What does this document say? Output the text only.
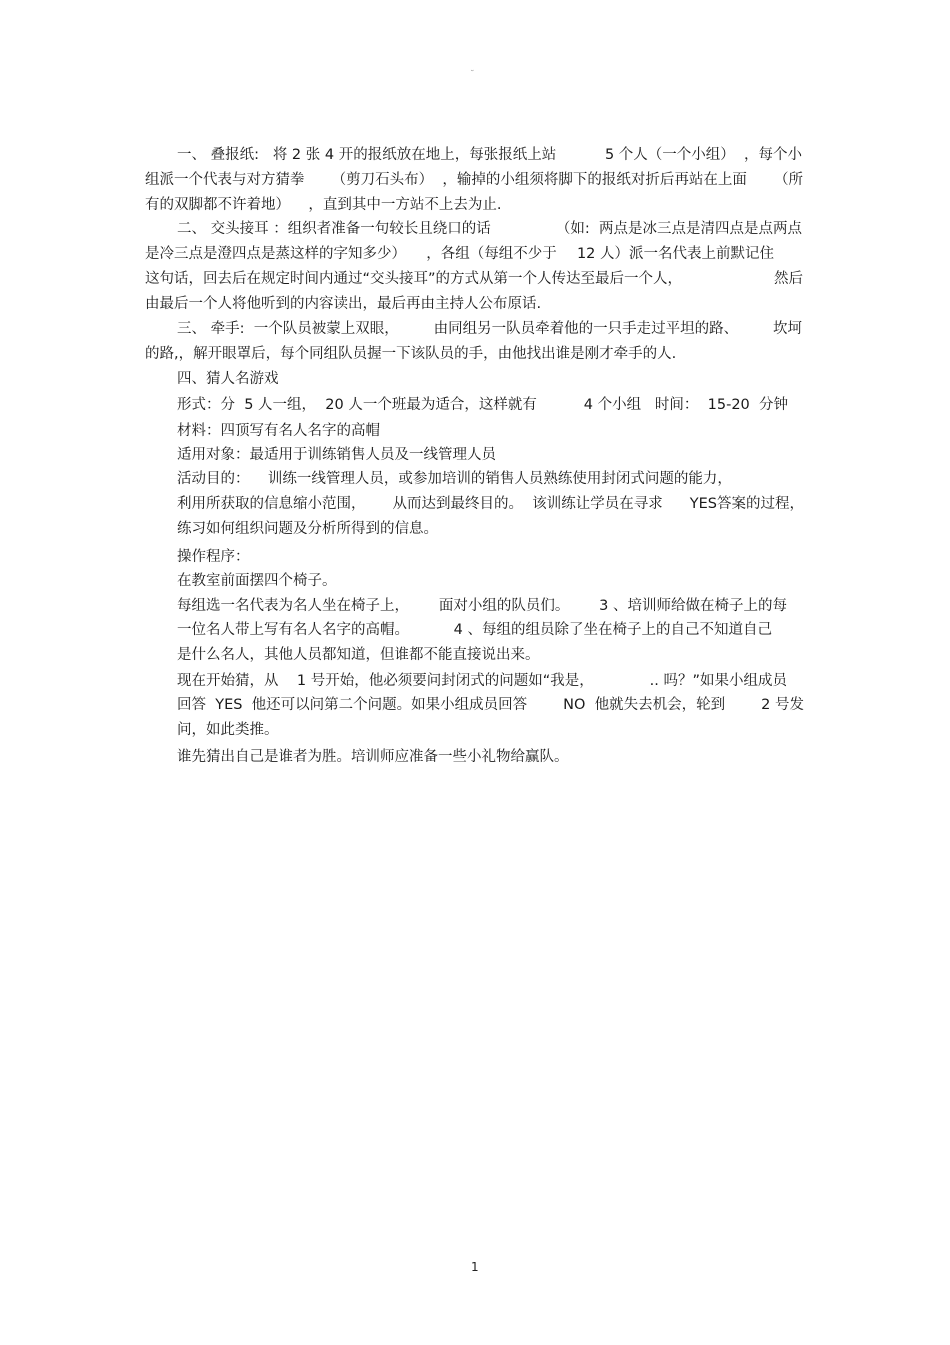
˘
一、 叠报纸:   将 2 张 4 开的报纸放在地上，每张报纸上站	5 个人（一个小组）  ，每个小
组派一个代表与对方猜拳 （剪刀石头布）  ，输掉的小组须将脚下的报纸对折后再站在上面 （所
有的双脚都不许着地）    ，直到其中一方站不上去为止.
二、 交头接耳 ：组织者准备一句较长且绕口的话	（如:  两点是冰三点是清四点是点两点
是冷三点是澄四点是蒸这样的字知多少） ，各组（每组不少于 12 人）派一名代表上前默记住
这句话，回去后在规定时间内通过“交头接耳”的方式从第一个人传达至最后一个人，	然后
由最后一个人将他听到的内容读出，最后再由主持人公布原话.
三、 牵手:  一个队员被蒙上双眼， 由同组另一队员牵着他的一只手走过平坦的路、 坎坷
的路,，解开眼罩后，每个同组队员握一下该队员的手，由他找出谁是刚才牵手的人.
四、猜人名游戏
形式：分  5 人一组，  20 人一个班最为适合，这样就有	4 个小组   时间：  15-20  分钟
材料：四顶写有名人名字的高帽
适用对象：最适用于训练销售人员及一线管理人员
活动目的：    训练一线管理人员，或参加培训的销售人员熟练使用封闭式问题的能力，
利用所获取的信息缩小范围， 从而达到最终目的。  该训练让学员在寻求 YES答案的过程，
练习如何组织问题及分析所得到的信息。
操作程序：
在教室前面摆四个椅子。
每组选一名代表为名人坐在椅子上， 面对小组的队员们。 3 、培训师给做在椅子上的每
一位名人带上写有名人名字的高帽。	4 、每组的组员除了坐在椅子上的自己不知道自己
是什么名人，其他人员都知道，但谁都不能直接说出来。
现在开始猜，从    1 号开始，他必须要问封闭式的问题如“我是，	.. 吗？”如果小组成员
回答  YES  他还可以问第二个问题。如果小组成员回答 NO  他就失去机会，轮到 2 号发
问，如此类推。
谁先猜出自己是谁者为胜。培训师应准备一些小礼物给赢队。
1
